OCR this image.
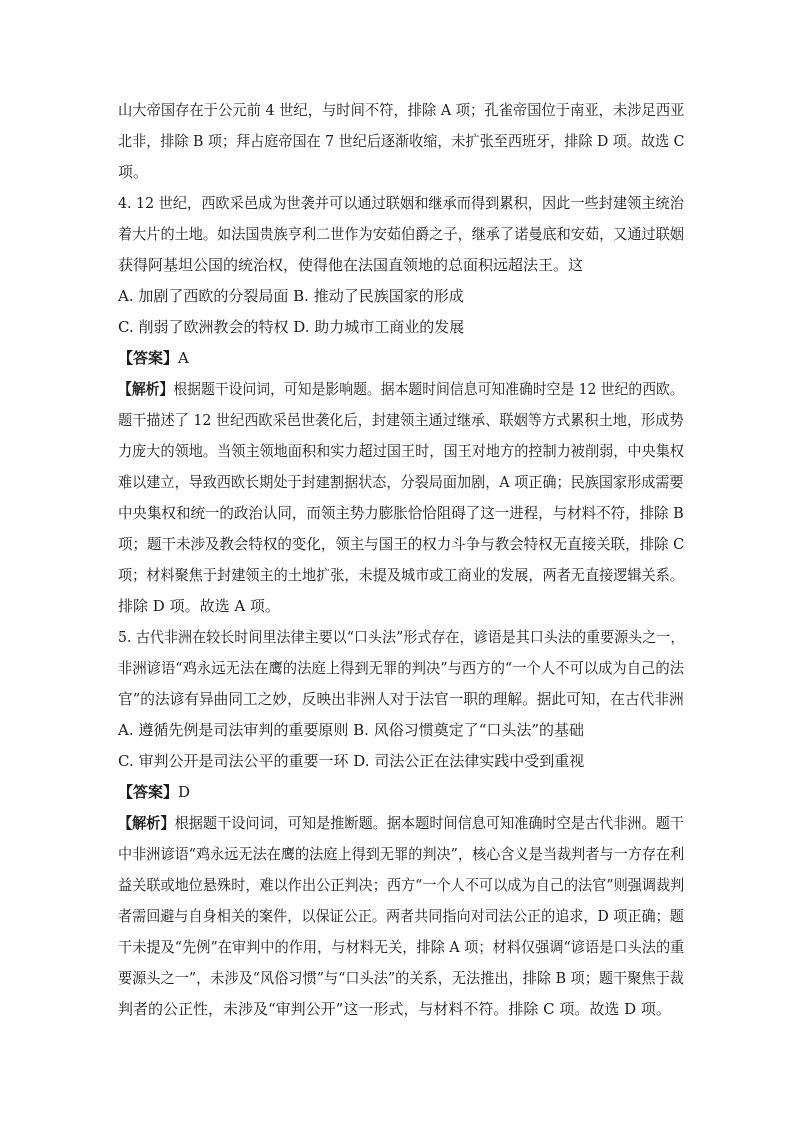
山大帝国存在于公元前 4 世纪，与时间不符，排除 A 项；孔雀帝国位于南亚，未涉足西亚
北非，排除 B 项；拜占庭帝国在 7 世纪后逐渐收缩，未扩张至西班牙，排除 D 项。故选 C
项。
4. 12 世纪，西欧采邑成为世袭并可以通过联姻和继承而得到累积，因此一些封建领主统治
着大片的土地。如法国贵族亨利二世作为安茹伯爵之子，继承了诺曼底和安茹，又通过联姻
获得阿基坦公国的统治权，使得他在法国直领地的总面积远超法王。这
A. 加剧了西欧的分裂局面 B. 推动了民族国家的形成
C. 削弱了欧洲教会的特权 D. 助力城市工商业的发展
【答案】A
【解析】根据题干设问词，可知是影响题。据本题时间信息可知准确时空是 12 世纪的西欧。
题干描述了 12 世纪西欧采邑世袭化后，封建领主通过继承、联姻等方式累积土地，形成势
力庞大的领地。当领主领地面积和实力超过国王时，国王对地方的控制力被削弱，中央集权
难以建立，导致西欧长期处于封建割据状态，分裂局面加剧，A 项正确；民族国家形成需要
中央集权和统一的政治认同，而领主势力膨胀恰恰阻碍了这一进程，与材料不符，排除 B
项；题干未涉及教会特权的变化，领主与国王的权力斗争与教会特权无直接关联，排除 C
项；材料聚焦于封建领主的土地扩张，未提及城市或工商业的发展，两者无直接逻辑关系。
排除 D 项。故选 A 项。
5. 古代非洲在较长时间里法律主要以“口头法”形式存在，谚语是其口头法的重要源头之一，
非洲谚语“鸡永远无法在鹰的法庭上得到无罪的判决”与西方的“一个人不可以成为自己的法
官”的法谚有异曲同工之妙，反映出非洲人对于法官一职的理解。据此可知，在古代非洲
A. 遵循先例是司法审判的重要原则 B. 风俗习惯奠定了“口头法”的基础
C. 审判公开是司法公平的重要一环 D. 司法公正在法律实践中受到重视
【答案】D
【解析】根据题干设问词，可知是推断题。据本题时间信息可知准确时空是古代非洲。题干
中非洲谚语“鸡永远无法在鹰的法庭上得到无罪的判决”，核心含义是当裁判者与一方存在利
益关联或地位悬殊时，难以作出公正判决；西方“一个人不可以成为自己的法官”则强调裁判
者需回避与自身相关的案件，以保证公正。两者共同指向对司法公正的追求，D 项正确；题
干未提及“先例”在审判中的作用，与材料无关，排除 A 项；材料仅强调“谚语是口头法的重
要源头之一”，未涉及“风俗习惯”与“口头法”的关系，无法推出，排除 B 项；题干聚焦于裁
判者的公正性，未涉及“审判公开”这一形式，与材料不符。排除 C 项。故选 D 项。
